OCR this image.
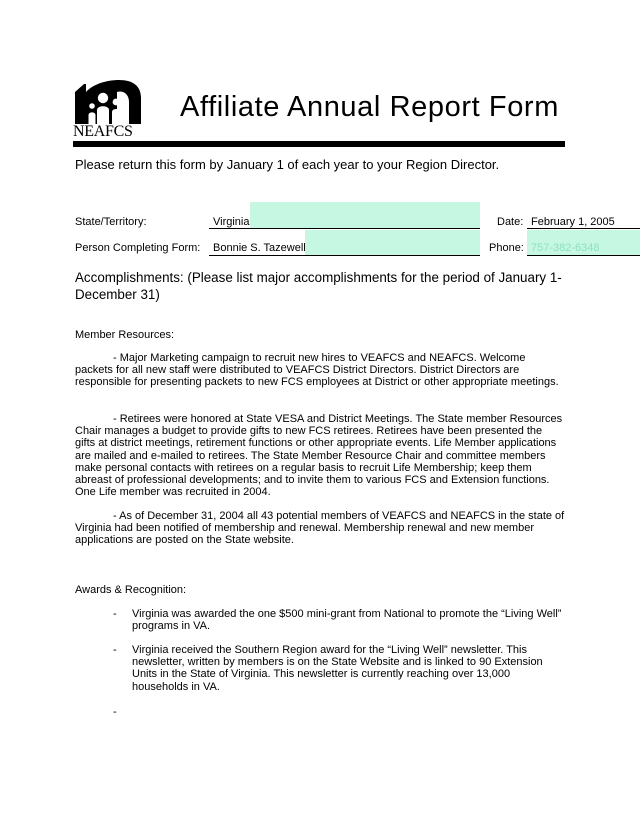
NEAFCS
Affiliate Annual Report Form
Please return this form by January 1 of each year to your Region Director.
State/Territory:	Virginia	Date: February 1, 2005
Person Completing Form: Bonnie S. Tazewell	Phone: 757-382-6348
Accomplishments: (Please list major accomplishments for the period of January 1-December 31)
Member Resources:
- Major Marketing campaign to recruit new hires to VEAFCS and NEAFCS. Welcome packets for all new staff were distributed to VEAFCS District Directors. District Directors are responsible for presenting packets to new FCS employees at District or other appropriate meetings.
- Retirees were honored at State VESA and District Meetings. The State member Resources Chair manages a budget to provide gifts to new FCS retirees. Retirees have been presented the gifts at district meetings, retirement functions or other appropriate events. Life Member applications are mailed and e-mailed to retirees. The State Member Resource Chair and committee members make personal contacts with retirees on a regular basis to recruit Life Membership; keep them abreast of professional developments; and to invite them to various FCS and Extension functions. One Life member was recruited in 2004.
- As of December 31, 2004 all 43 potential members of VEAFCS and NEAFCS in the state of Virginia had been notified of membership and renewal. Membership renewal and new member applications are posted on the State website.
Awards & Recognition:
- Virginia was awarded the one $500 mini-grant from National to promote the “Living Well” programs in VA.
- Virginia received the Southern Region award for the “Living Well” newsletter. This newsletter, written by members is on the State Website and is linked to 90 Extension Units in the State of Virginia. This newsletter is currently reaching over 13,000 households in VA.
-
